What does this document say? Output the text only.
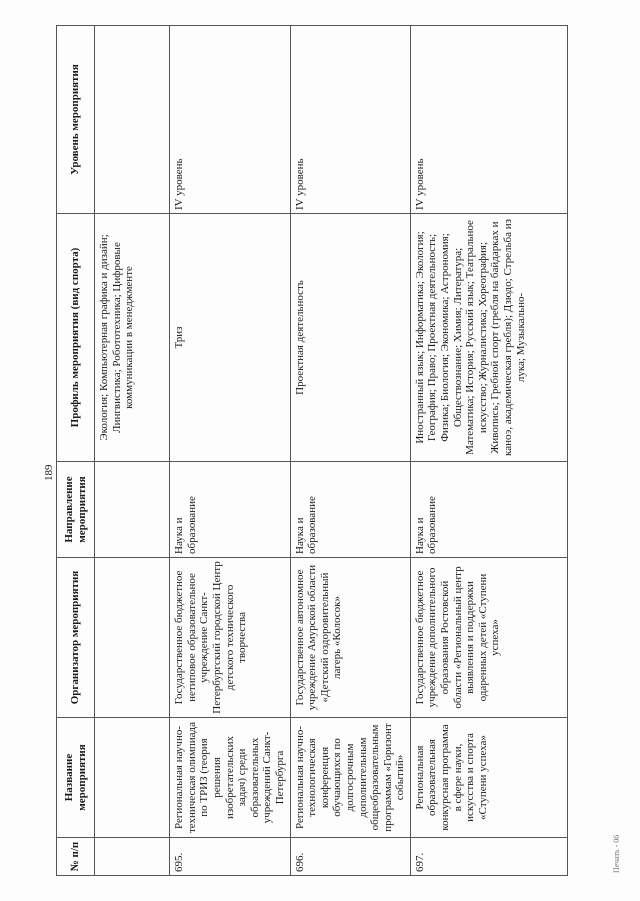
189
№ п/п	Название мероприятия	Организатор мероприятия	Направление мероприятия	Профиль мероприятия (вид спорта)	Уровень мероприятия
				Экология; Компьютерная графика и дизайн; Лингвистика; Робототехника; Цифровые коммуникации в менеджменте	
695.	Региональная научно-техническая олимпиада по ТРИЗ (теория решения изобретательских задач) среди образовательных учреждений Санкт-Петербурга	Государственное бюджетное нетиповое образовательное учреждение Санкт-Петербургский городской Центр детского технического творчества	Наука и образование	Триз	IV уровень
696.	Региональная научно-технологическая конференция обучающихся по долгосрочным дополнительным общеобразовательным программам «Горизонт событий»	Государственное автономное учреждение Амурской области «Детский оздоровительный лагерь «Колосок»	Наука и образование	Проектная деятельность	IV уровень
697.	Региональная образовательная конкурсная программа в сфере науки, искусства и спорта «Ступени успеха»	Государственное бюджетное учреждение дополнительного образования Ростовской области «Региональный центр выявления и поддержки одаренных детей «Ступени успеха»	Наука и образование	Иностранный язык; Информатика; Экология; География; Право; Проектная деятельность; Физика; Биология; Экономика; Астрономия; Обществознание; Химия; Литература; Математика; История; Русский язык; Театральное искусство; Журналистика; Хореография; Живопись; Гребной спорт (гребля на байдарках и каноэ, академическая гребля); Дзюдо; Стрельба из лука; Музыкально-	IV уровень
Печать - 06
